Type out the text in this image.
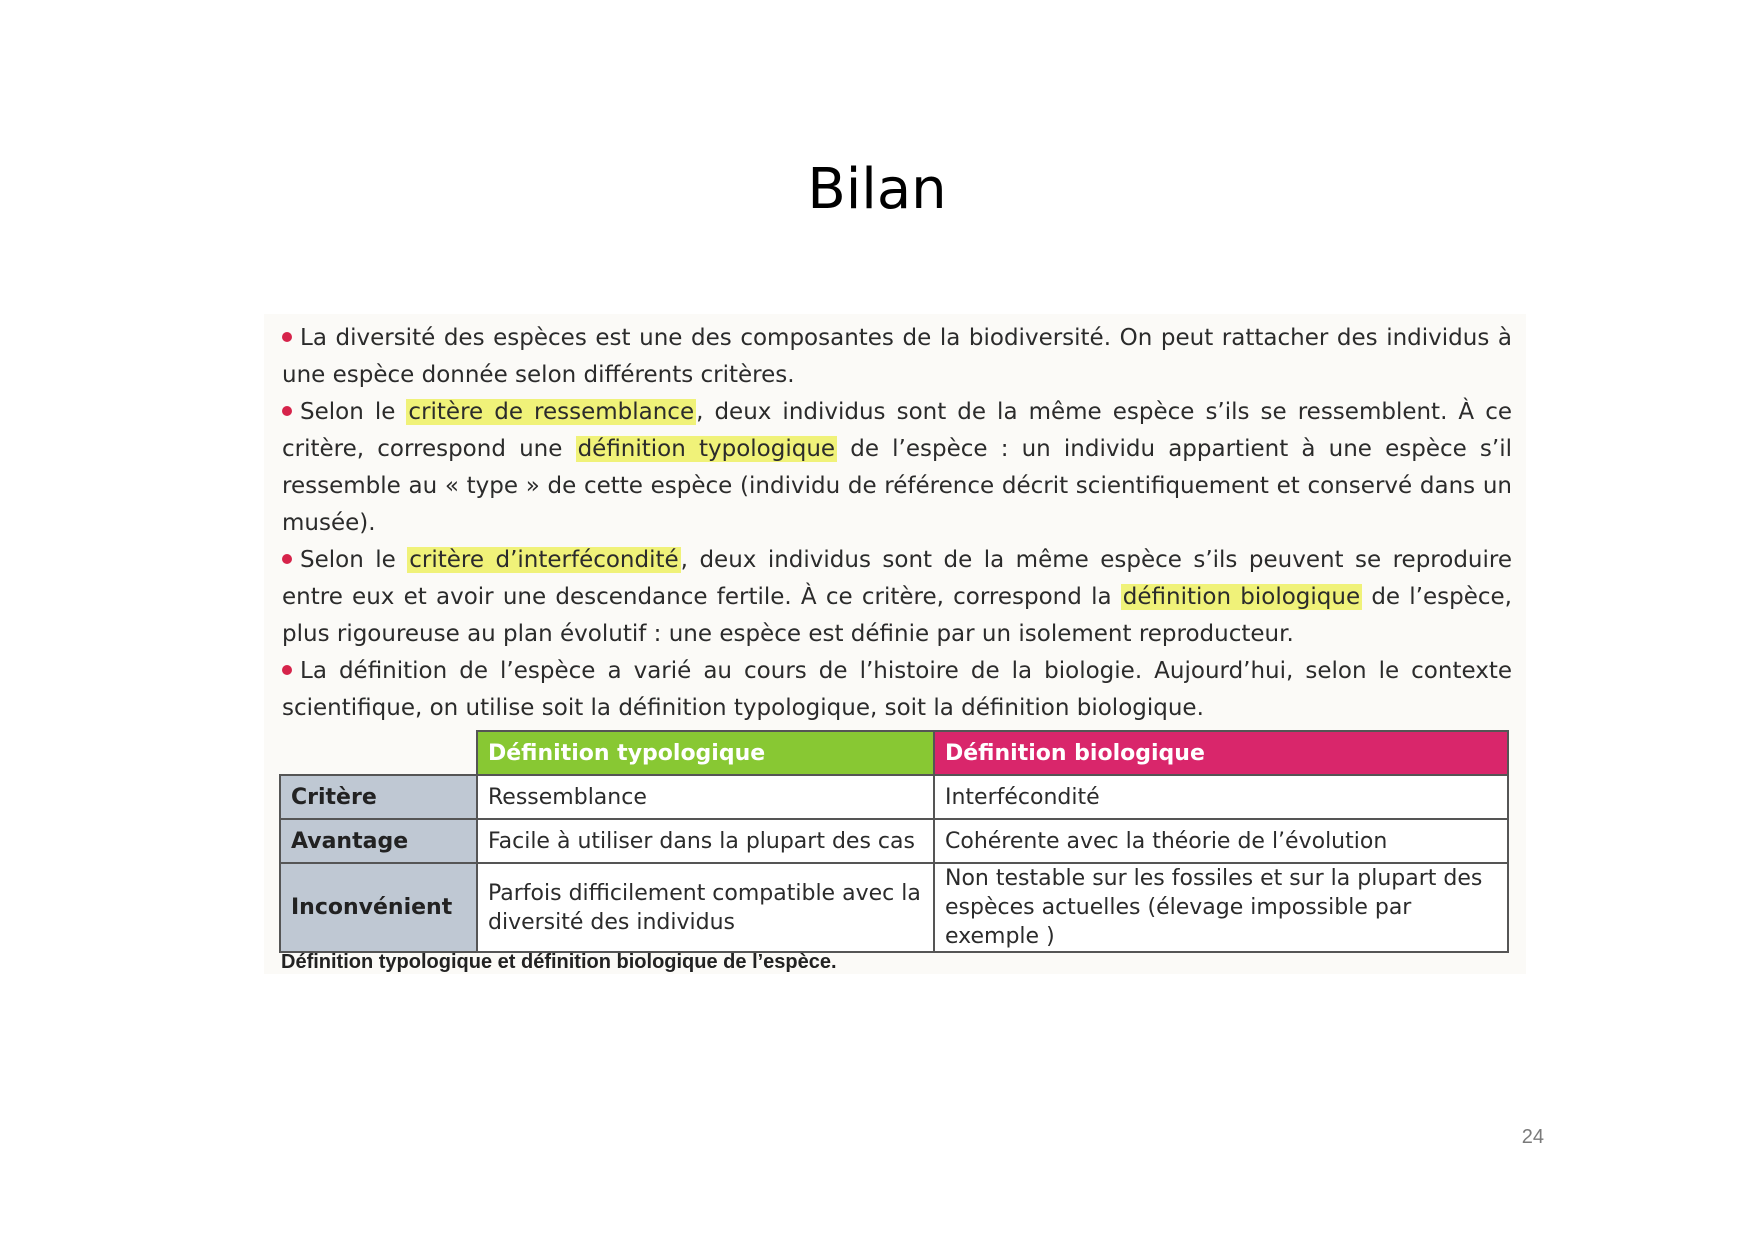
Bilan

La diversité des espèces est une des composantes de la biodiversité. On peut rattacher des individus à une espèce donnée selon différents critères.

Selon le critère de ressemblance, deux individus sont de la même espèce s’ils se ressemblent. À ce critère, correspond une définition typologique de l’espèce : un individu appartient à une espèce s’il ressemble au « type » de cette espèce (individu de référence décrit scientifiquement et conservé dans un musée).

Selon le critère d’interfécondité, deux individus sont de la même espèce s’ils peuvent se reproduire entre eux et avoir une descendance fertile. À ce critère, correspond la définition biologique de l’espèce, plus rigoureuse au plan évolutif : une espèce est définie par un isolement reproducteur.

La définition de l’espèce a varié au cours de l’histoire de la biologie. Aujourd’hui, selon le contexte scientifique, on utilise soit la définition typologique, soit la définition biologique.

	Définition typologique	Définition biologique
Critère	Ressemblance	Interfécondité
Avantage	Facile à utiliser dans la plupart des cas	Cohérente avec la théorie de l’évolution
Inconvénient	Parfois difficilement compatible avec la diversité des individus	Non testable sur les fossiles et sur la plupart des espèces actuelles (élevage impossible par exemple )
Définition typologique et définition biologique de l’espèce.
24
